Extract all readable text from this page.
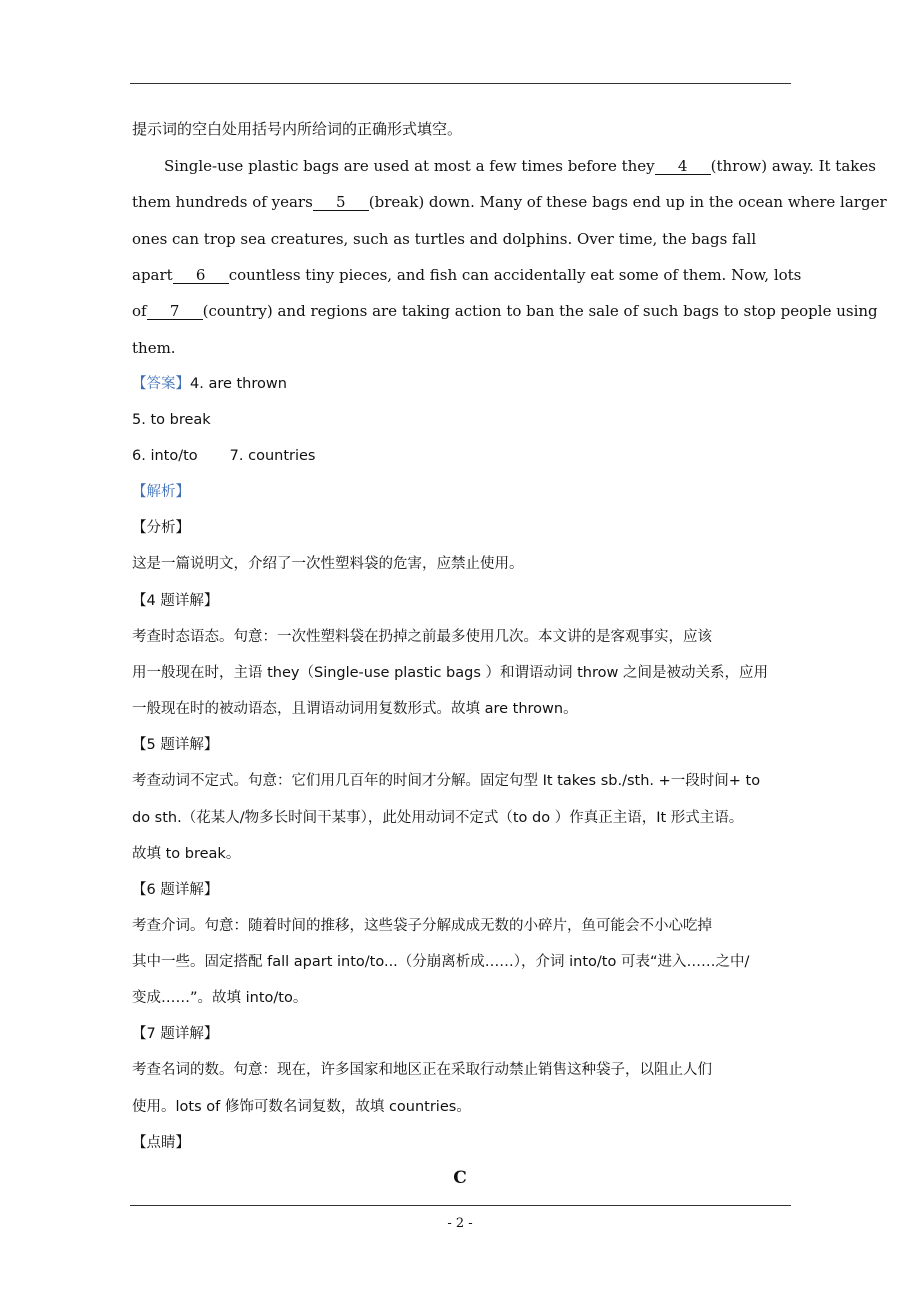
提示词的空白处用括号内所给词的正确形式填空。
Single-use plastic bags are used at most a few times before they 4 (throw) away. It takes
them hundreds of years 5 (break) down. Many of these bags end up in the ocean where larger
ones can trop sea creatures, such as turtles and dolphins. Over time, the bags fall
apart 6 countless tiny pieces, and fish can accidentally eat some of them. Now, lots
of 7 (country) and regions are taking action to ban the sale of such bags to stop people using
them.
【答案】4. are thrown
5. to break
6. into/to 7. countries
【解析】
【分析】
这是一篇说明文，介绍了一次性塑料袋的危害，应禁止使用。
【4 题详解】
考查时态语态。句意：一次性塑料袋在扔掉之前最多使用几次。本文讲的是客观事实，应该
用一般现在时，主语 they（Single-use plastic bags ）和谓语动词 throw 之间是被动关系，应用
一般现在时的被动语态，且谓语动词用复数形式。故填 are thrown。
【5 题详解】
考查动词不定式。句意：它们用几百年的时间才分解。固定句型 It takes sb./sth. +一段时间+ to
do sth.（花某人/物多长时间干某事），此处用动词不定式（to do ）作真正主语，It 形式主语。
故填 to break。
【6 题详解】
考查介词。句意：随着时间的推移，这些袋子分解成成无数的小碎片，鱼可能会不小心吃掉
其中一些。固定搭配 fall apart into/to...（分崩离析成……），介词 into/to 可表“进入……之中/
变成……”。故填 into/to。
【7 题详解】
考查名词的数。句意：现在，许多国家和地区正在采取行动禁止销售这种袋子，以阻止人们
使用。lots of 修饰可数名词复数，故填 countries。
【点睛】
C
- 2 -
